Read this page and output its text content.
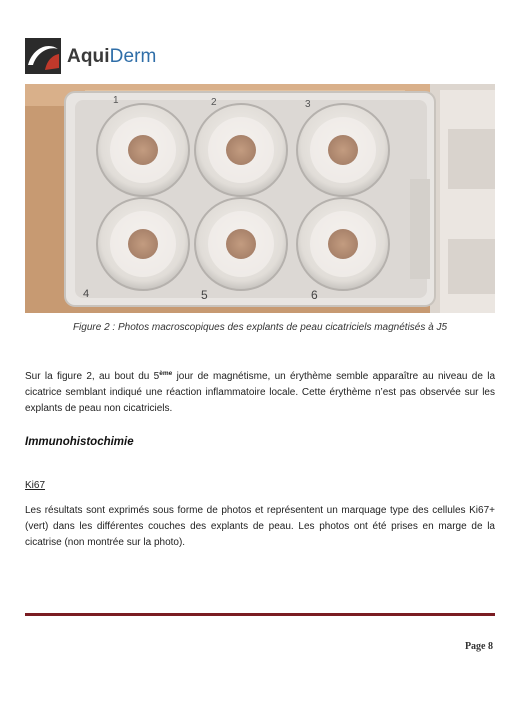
AquiDerm
1	2	3
4	5	6
Figure 2 : Photos macroscopiques des explants de peau cicatriciels magnétisés à J5

Sur la figure 2, au bout du 5ème jour de magnétisme, un érythème semble apparaître au niveau de la cicatrice semblant indiqué une réaction inflammatoire locale. Cette érythème n’est pas observée sur les explants de peau non cicatriciels.

Immunohistochimie
Ki67

Les résultats sont exprimés sous forme de photos et représentent un marquage type des cellules Ki67+ (vert) dans les différentes couches des explants de peau. Les photos ont été prises en marge de la cicatrise (non montrée sur la photo).

Page 8
